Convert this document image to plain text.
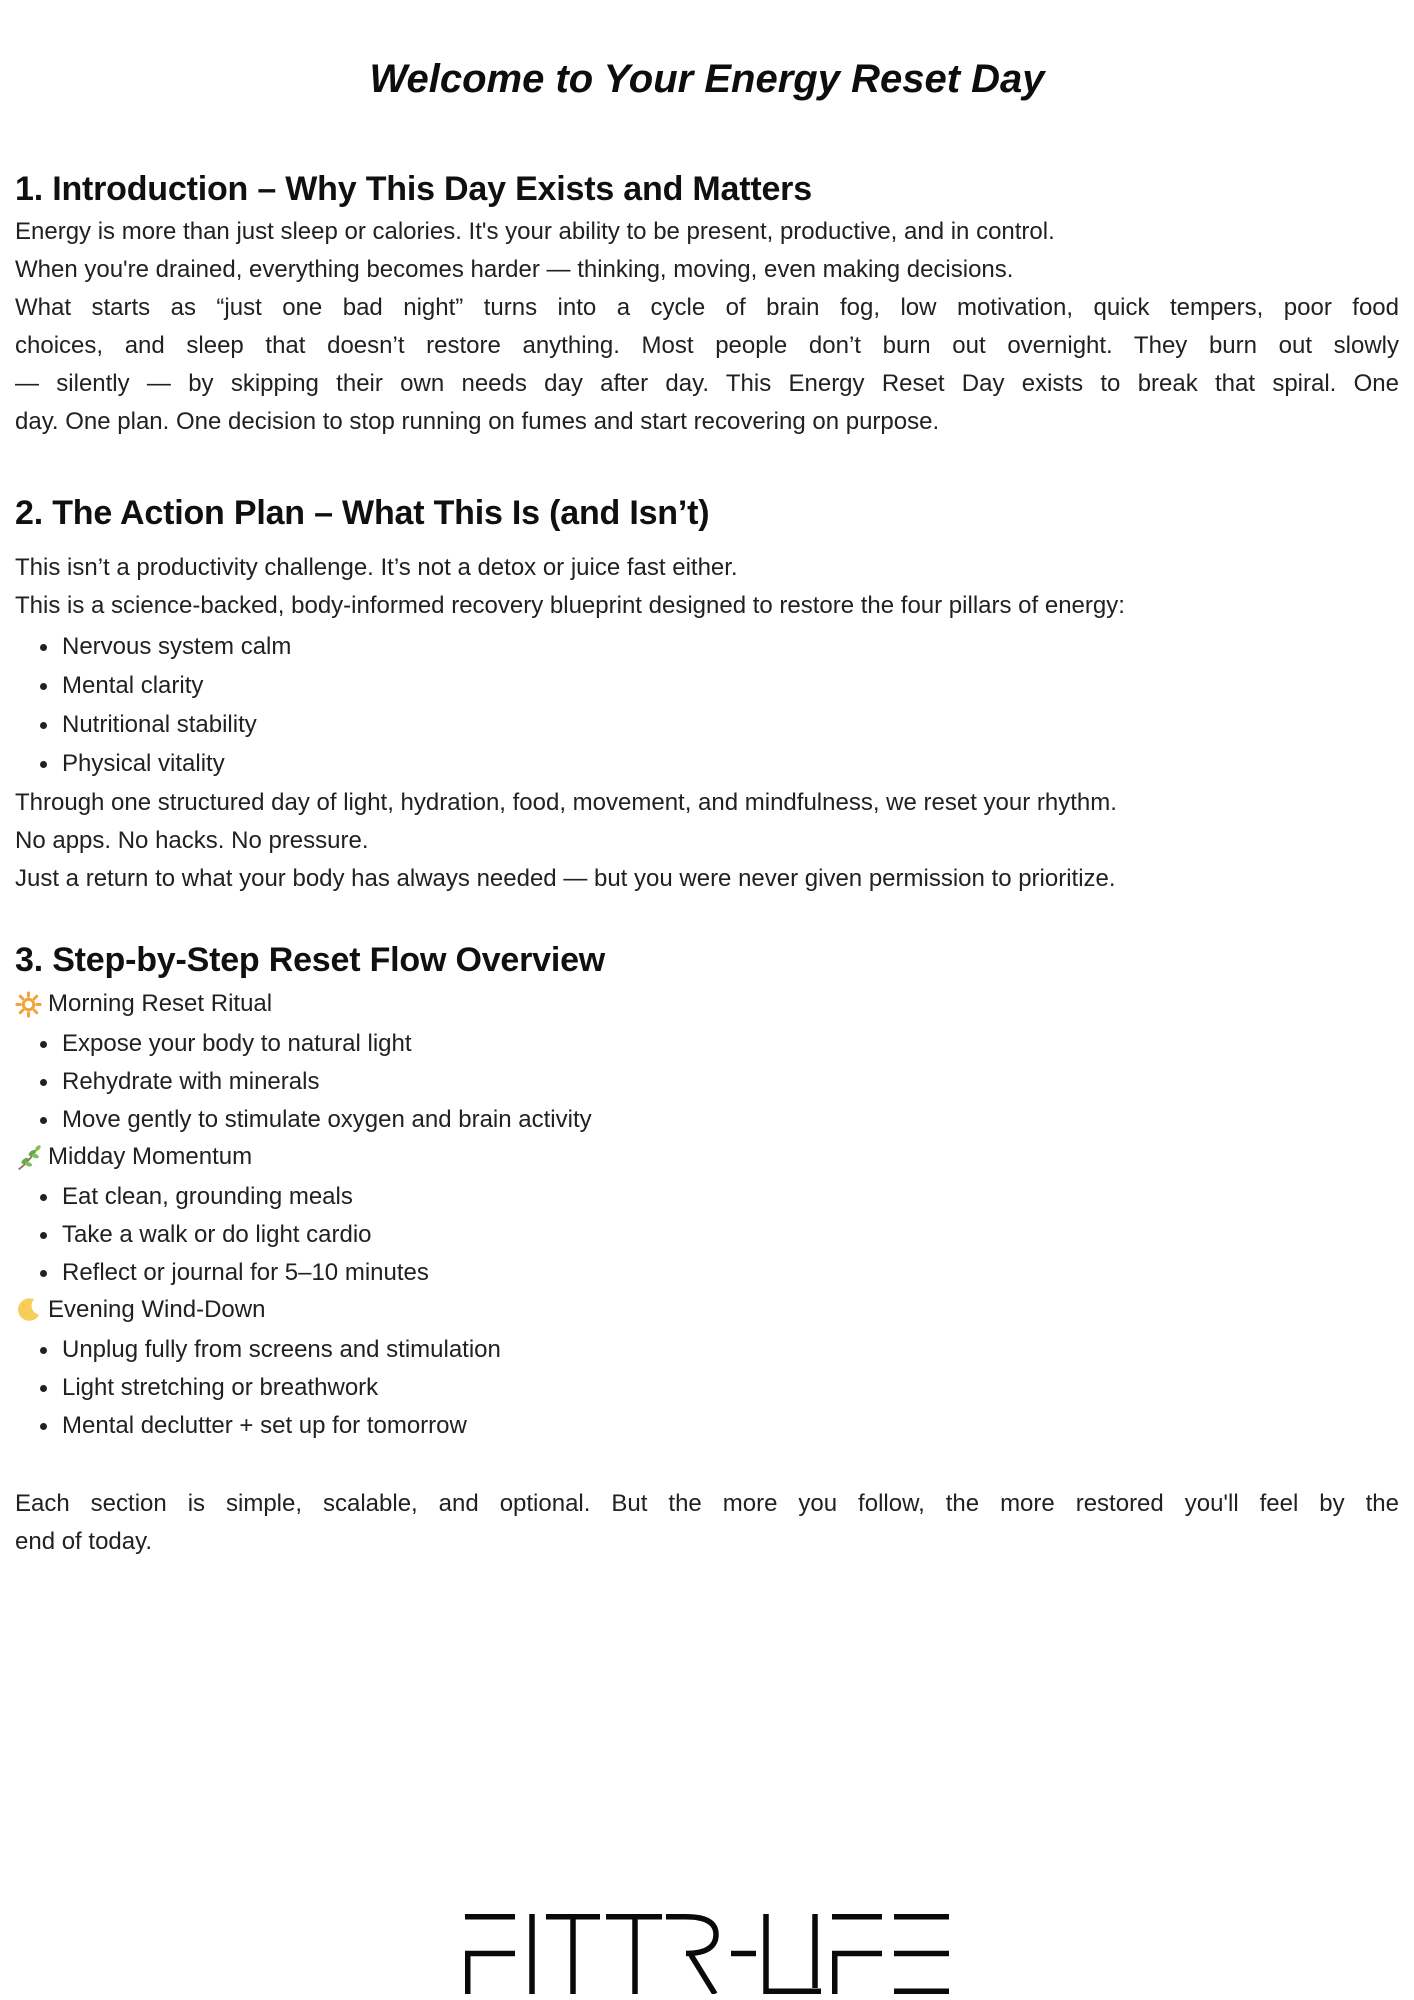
Welcome to Your Energy Reset Day
1. Introduction – Why This Day Exists and Matters
Energy is more than just sleep or calories. It's your ability to be present, productive, and in control.
When you're drained, everything becomes harder — thinking, moving, even making decisions.
What starts as “just one bad night” turns into a cycle of brain fog, low motivation, quick tempers, poor food
choices, and sleep that doesn’t restore anything. Most people don’t burn out overnight. They burn out slowly
— silently — by skipping their own needs day after day. This Energy Reset Day exists to break that spiral. One
day. One plan. One decision to stop running on fumes and start recovering on purpose.
2. The Action Plan – What This Is (and Isn’t)
This isn’t a productivity challenge. It’s not a detox or juice fast either.
This is a science-backed, body-informed recovery blueprint designed to restore the four pillars of energy:
Nervous system calm
Mental clarity
Nutritional stability
Physical vitality
Through one structured day of light, hydration, food, movement, and mindfulness, we reset your rhythm.
No apps. No hacks. No pressure.
Just a return to what your body has always needed — but you were never given permission to prioritize.
3. Step-by-Step Reset Flow Overview
Morning Reset Ritual
Expose your body to natural light
Rehydrate with minerals
Move gently to stimulate oxygen and brain activity
Midday Momentum
Eat clean, grounding meals
Take a walk or do light cardio
Reflect or journal for 5–10 minutes
Evening Wind-Down
Unplug fully from screens and stimulation
Light stretching or breathwork
Mental declutter + set up for tomorrow
Each section is simple, scalable, and optional. But the more you follow, the more restored you'll feel by the
end of today.
